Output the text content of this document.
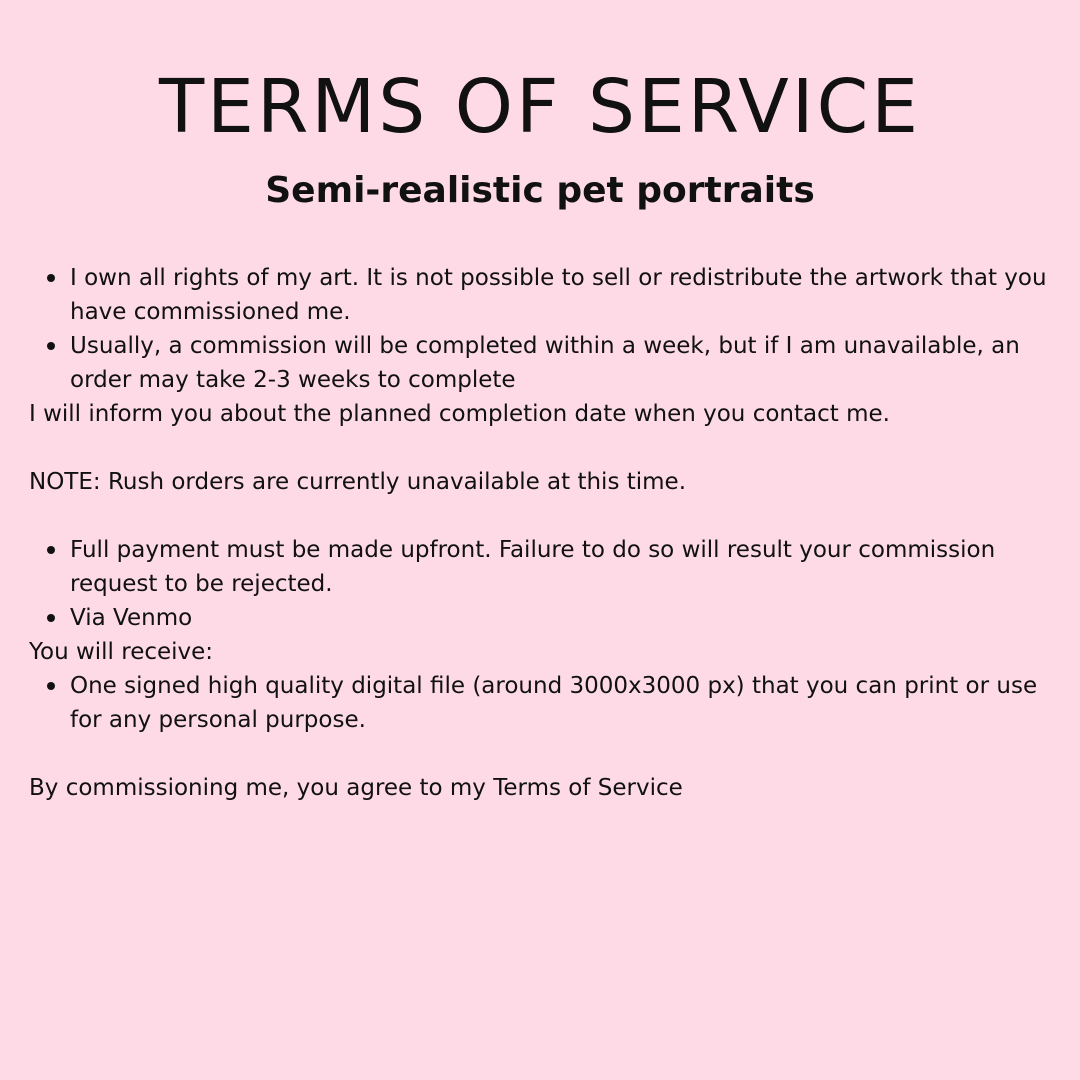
TERMS OF SERVICE
Semi-realistic pet portraits
I own all rights of my art. It is not possible to sell or redistribute the artwork that you have commissioned me.
Usually, a commission will be completed within a week, but if I am unavailable, an order may take 2-3 weeks to complete

I will inform you about the planned completion date when you contact me.

NOTE: Rush orders are currently unavailable at this time.

Full payment must be made upfront. Failure to do so will result your commission request to be rejected.
Via Venmo

You will receive:

One signed high quality digital file (around 3000x3000 px) that you can print or use for any personal purpose.

By commissioning me, you agree to my Terms of Service
